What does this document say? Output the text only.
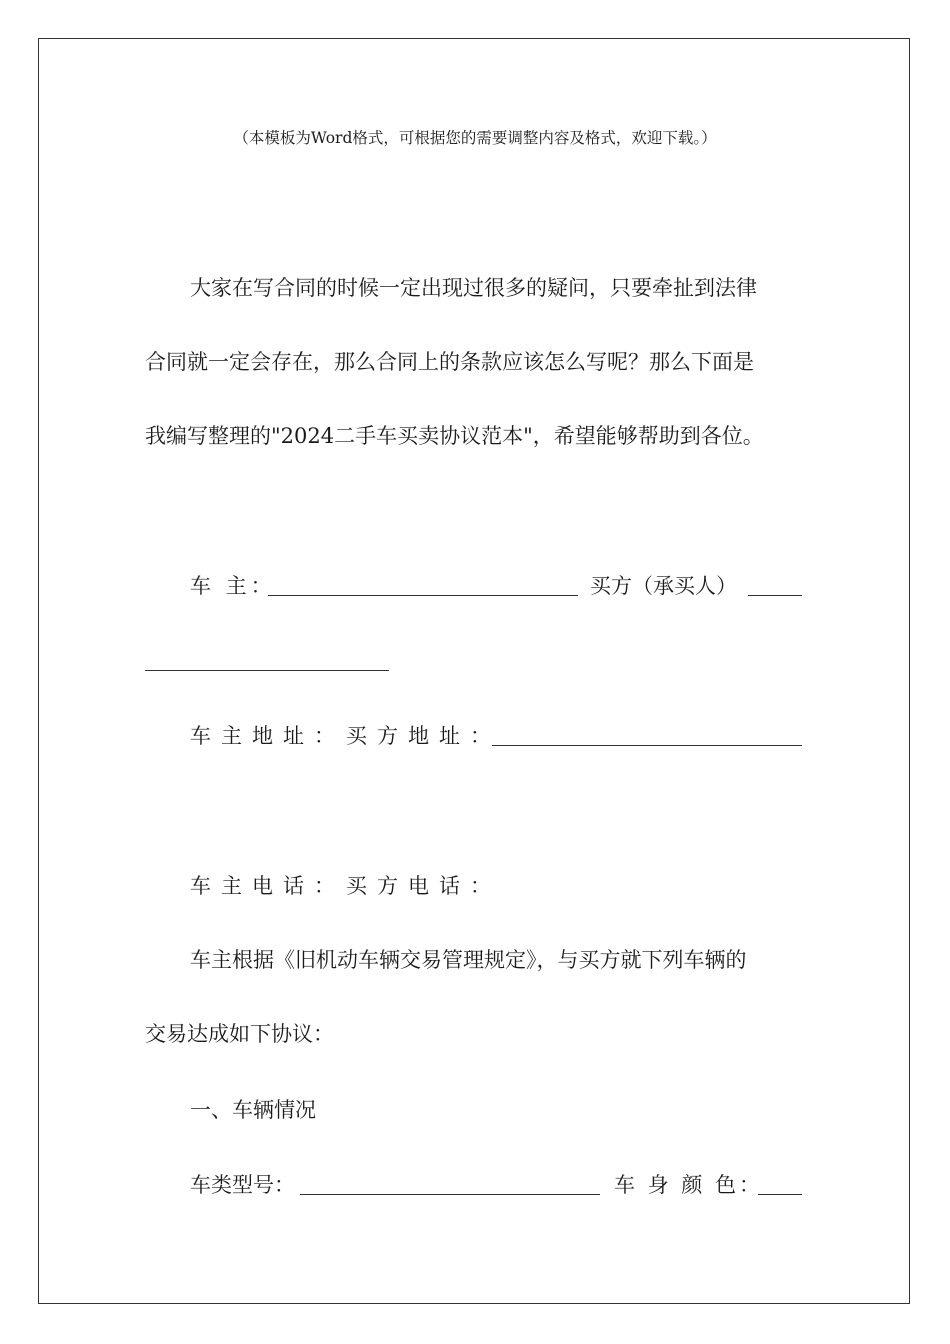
（本模板为Word格式，可根据您的需要调整内容及格式，欢迎下载。）
大家在写合同的时候一定出现过很多的疑问，只要牵扯到法律
合同就一定会存在，那么合同上的条款应该怎么写呢？那么下面是
我编写整理的"2024二手车买卖协议范本"，希望能够帮助到各位。
车 主：	买方（承买人）
车主地址： 买方地址：
车主电话： 买方电话：
车主根据《旧机动车辆交易管理规定》，与买方就下列车辆的
交易达成如下协议：
一、车辆情况
车类型号：	车 身 颜 色：
